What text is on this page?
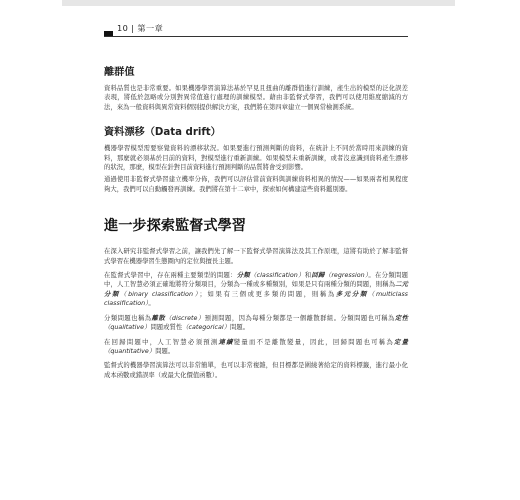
10 | 第一章
離群值

資料品質也是非常重要。如果機器學習演算法基於罕見且扭曲的離群值進行訓練，產生出的模型的泛化誤差表現，將低於忽略或分別對異常值進行處理的訓練模型。藉由非監督式學習，我們可以使用維度縮減的方法，來為一般資料與異常資料個別提供解決方案，我們將在第四章建立一個異常檢測系統。

資料漂移（Data drift）

機器學習模型需要察覺資料的漂移狀況。如果要進行預測判斷的資料，在統計上不同於當時用來訓練的資料，那麼就必須基於目前的資料，對模型進行重新訓練。如果模型未重新訓練，或者沒意識到資料產生漂移的狀況，那麼，模型在針對目前資料進行預測判斷的品質將會受到影響。

通過使用非監督式學習建立機率分佈，我們可以評估當前資料與訓練資料相異的情況——如果兩者相異程度夠大，我們可以自動觸發再訓練。我們將在第十二章中，探索如何構建這些資料鑑別器。

進一步探索監督式學習

在深入研究非監督式學習之前，讓我們先了解一下監督式學習演算法及其工作原理，這將有助於了解非監督式學習在機器學習生態圈內的定位與擅長主題。

在監督式學習中，存在兩種主要類型的問題：分類（classification）和回歸（regression）。在分類問題中，人工智慧必須正確地將符分類項目，分類為一種或多種類別，如果是只有兩種分類的問題，則稱為二元分類（binary classification）；如果有三個或更多類的問題，則稱為多元分類（multiclass classification）。

分類問題也稱為離散（discrete）預測問題，因為每種分類都是一個離散群組。分類問題也可稱為定性（qualitative）問題或質性（categorical）問題。

在回歸問題中，人工智慧必須預測連續變量而不是離散變量，因此，回歸問題也可稱為定量（quantitative）問題。

監督式的機器學習演算法可以非常簡單，也可以非常複雜，但目標都是圍繞著給定的資料標籤，進行最小化成本函數或錯誤率（或最大化價值函數）。
